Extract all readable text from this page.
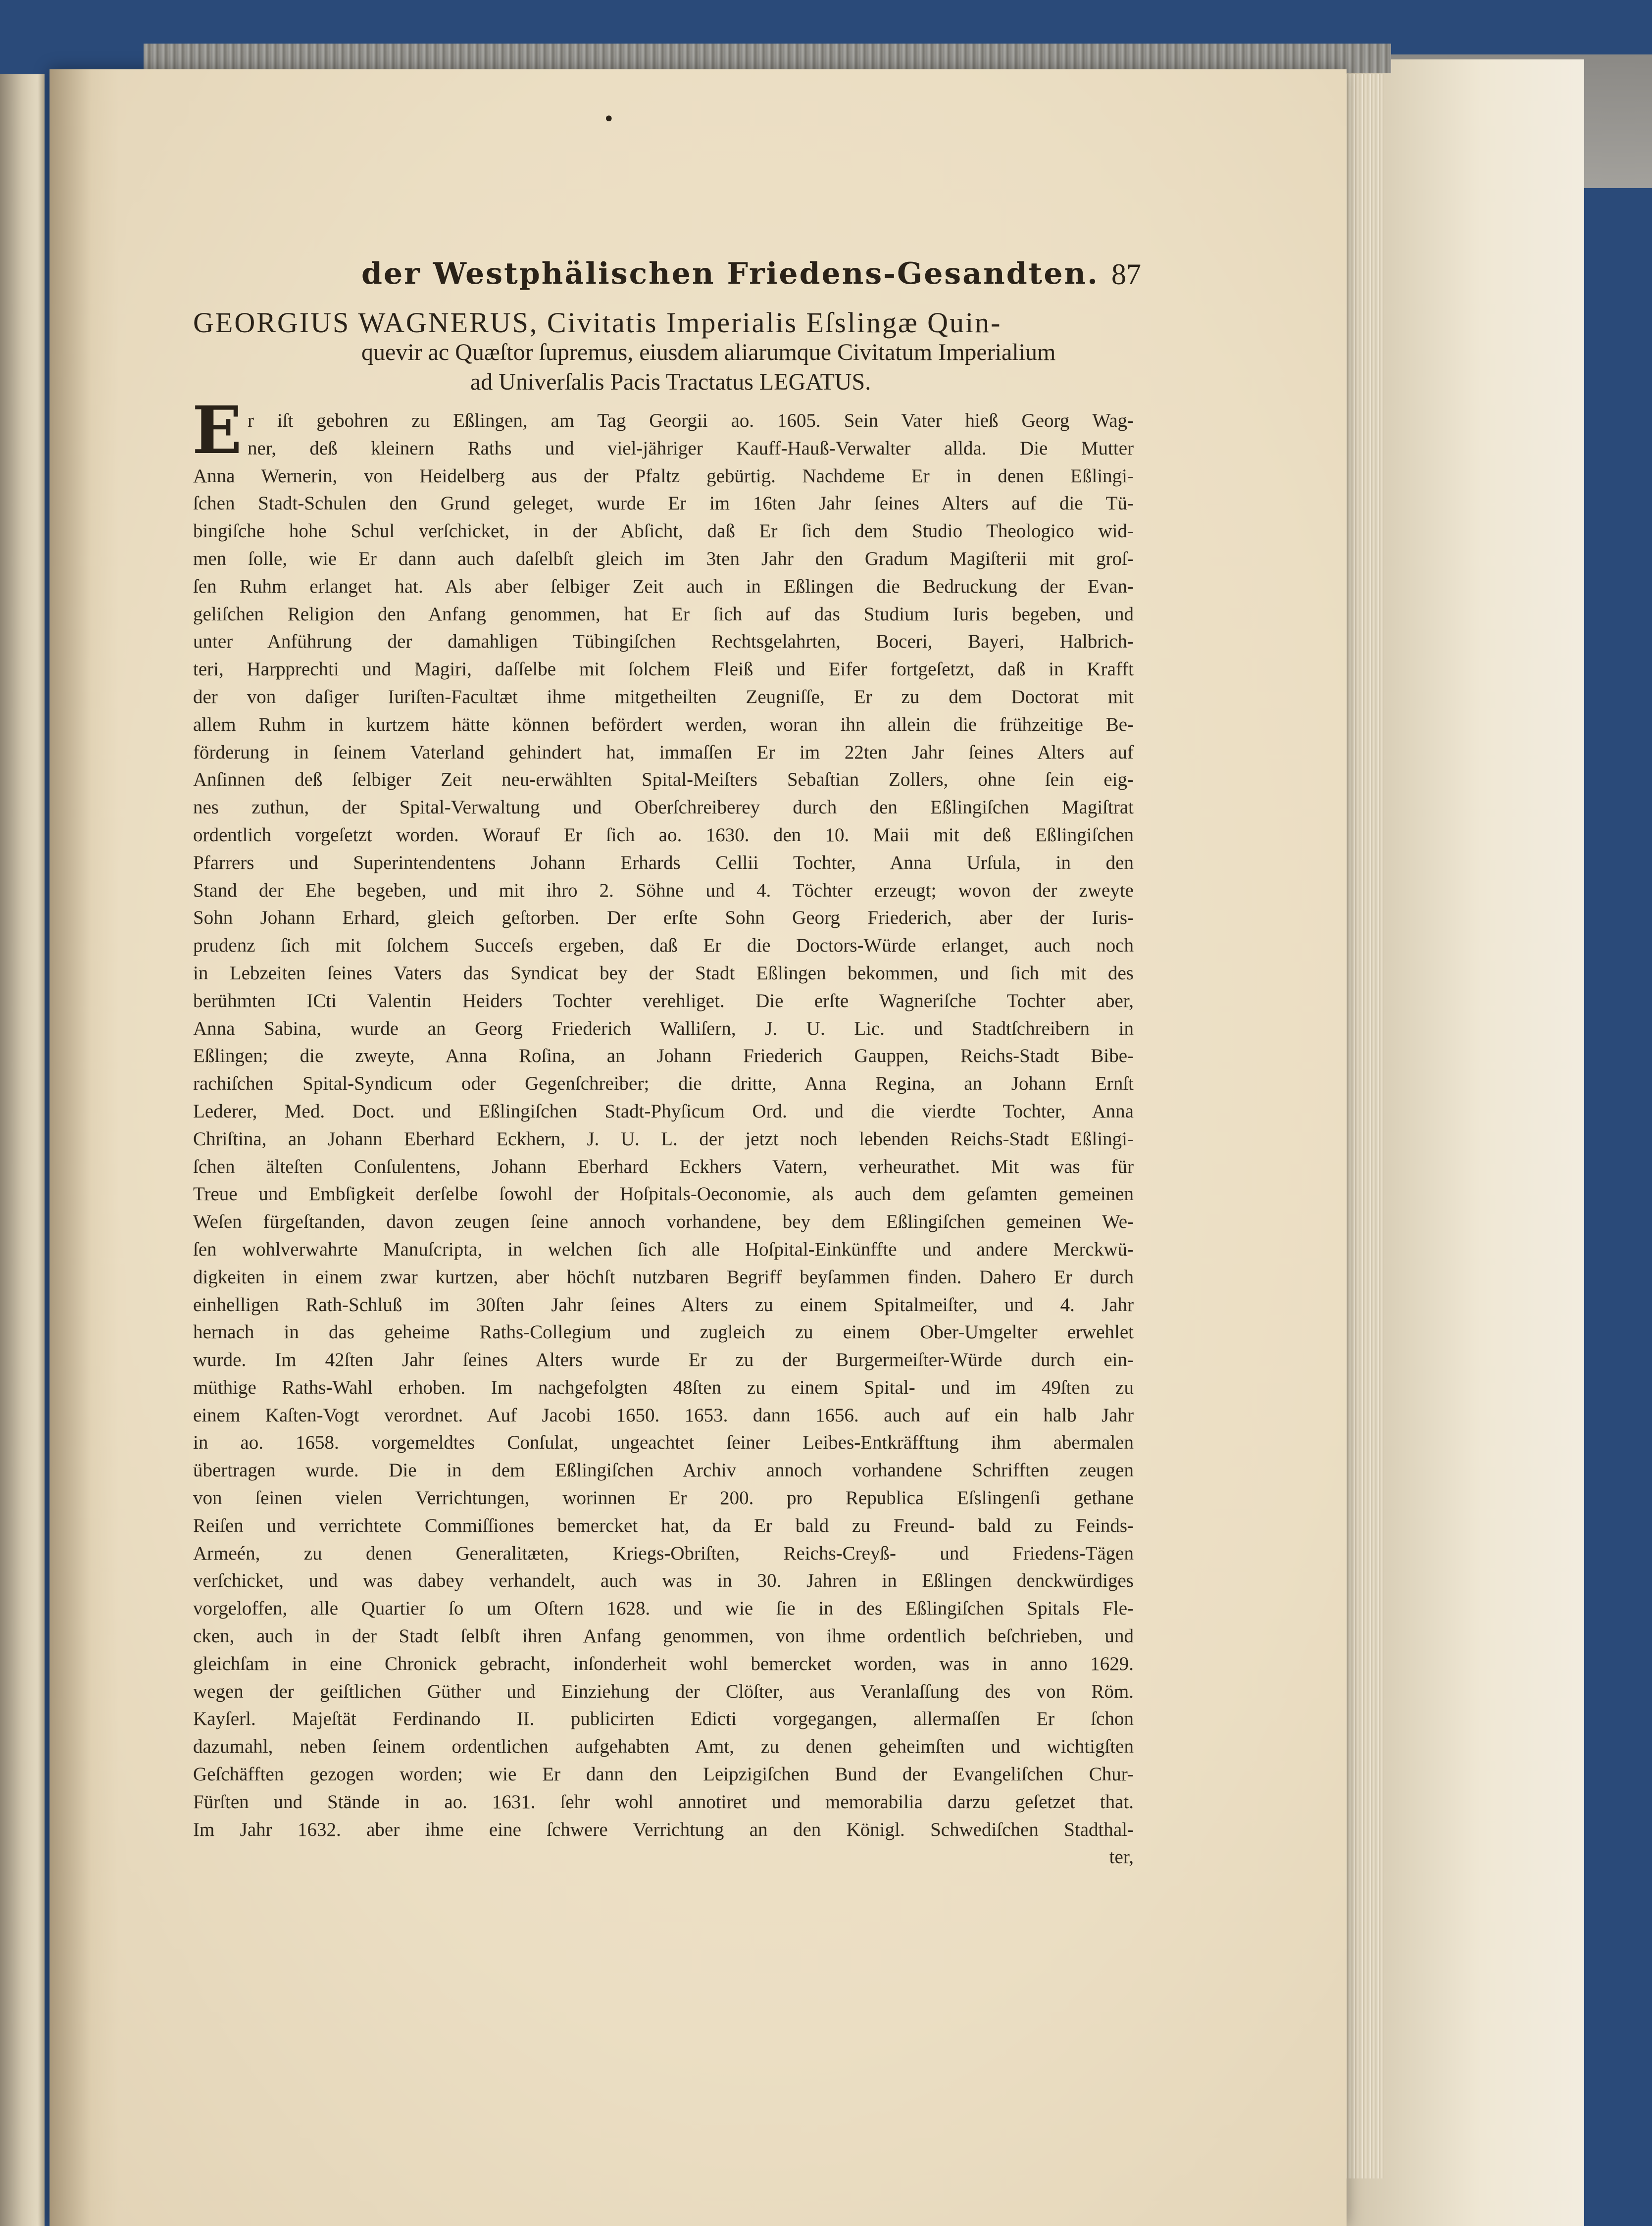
•
der Westphälischen Friedens-Gesandten. 87
GEORGIUS WAGNERUS, Civitatis Imperialis Eſslingæ Quin-
quevir ac Quæſtor ſupremus, eiusdem aliarumque Civitatum Imperialium
ad Univerſalis Pacis Tractatus LEGATUS.
E r iſt gebohren zu Eßlingen, am Tag Georgii ao. 1605. Sein Vater hieß Georg Wag-
ner, deß kleinern Raths und viel-jähriger Kauff-Hauß-Verwalter allda. Die Mutter
Anna Wernerin, von Heidelberg aus der Pfaltz gebürtig. Nachdeme Er in denen Eßlingi-
ſchen Stadt-Schulen den Grund geleget, wurde Er im 16ten Jahr ſeines Alters auf die Tü-
bingiſche hohe Schul verſchicket, in der Abſicht, daß Er ſich dem Studio Theologico wid-
men ſolle, wie Er dann auch daſelbſt gleich im 3ten Jahr den Gradum Magiſterii mit groſ-
ſen Ruhm erlanget hat. Als aber ſelbiger Zeit auch in Eßlingen die Bedruckung der Evan-
geliſchen Religion den Anfang genommen, hat Er ſich auf das Studium Iuris begeben, und
unter Anführung der damahligen Tübingiſchen Rechtsgelahrten, Boceri, Bayeri, Halbrich-
teri, Harpprechti und Magiri, daſſelbe mit ſolchem Fleiß und Eifer fortgeſetzt, daß in Krafft
der von daſiger Iuriſten-Facultæt ihme mitgetheilten Zeugniſſe, Er zu dem Doctorat mit
allem Ruhm in kurtzem hätte können befördert werden, woran ihn allein die frühzeitige Be-
förderung in ſeinem Vaterland gehindert hat, immaſſen Er im 22ten Jahr ſeines Alters auf
Anſinnen deß ſelbiger Zeit neu-erwählten Spital-Meiſters Sebaſtian Zollers, ohne ſein eig-
nes zuthun, der Spital-Verwaltung und Oberſchreiberey durch den Eßlingiſchen Magiſtrat
ordentlich vorgeſetzt worden. Worauf Er ſich ao. 1630. den 10. Maii mit deß Eßlingiſchen
Pfarrers und Superintendentens Johann Erhards Cellii Tochter, Anna Urſula, in den
Stand der Ehe begeben, und mit ihro 2. Söhne und 4. Töchter erzeugt; wovon der zweyte
Sohn Johann Erhard, gleich geſtorben. Der erſte Sohn Georg Friederich, aber der Iuris-
prudenz ſich mit ſolchem Succeſs ergeben, daß Er die Doctors-Würde erlanget, auch noch
in Lebzeiten ſeines Vaters das Syndicat bey der Stadt Eßlingen bekommen, und ſich mit des
berühmten ICti Valentin Heiders Tochter verehliget. Die erſte Wagneriſche Tochter aber,
Anna Sabina, wurde an Georg Friederich Walliſern, J. U. Lic. und Stadtſchreibern in
Eßlingen; die zweyte, Anna Roſina, an Johann Friederich Gauppen, Reichs-Stadt Bibe-
rachiſchen Spital-Syndicum oder Gegenſchreiber; die dritte, Anna Regina, an Johann Ernſt
Lederer, Med. Doct. und Eßlingiſchen Stadt-Phyſicum Ord. und die vierdte Tochter, Anna
Chriſtina, an Johann Eberhard Eckhern, J. U. L. der jetzt noch lebenden Reichs-Stadt Eßlingi-
ſchen älteſten Conſulentens, Johann Eberhard Eckhers Vatern, verheurathet. Mit was für
Treue und Embſigkeit derſelbe ſowohl der Hoſpitals-Oeconomie, als auch dem geſamten gemeinen
Weſen fürgeſtanden, davon zeugen ſeine annoch vorhandene, bey dem Eßlingiſchen gemeinen We-
ſen wohlverwahrte Manuſcripta, in welchen ſich alle Hoſpital-Einkünffte und andere Merckwü-
digkeiten in einem zwar kurtzen, aber höchſt nutzbaren Begriff beyſammen finden. Dahero Er durch
einhelligen Rath-Schluß im 30ſten Jahr ſeines Alters zu einem Spitalmeiſter, und 4. Jahr
hernach in das geheime Raths-Collegium und zugleich zu einem Ober-Umgelter erwehlet
wurde. Im 42ſten Jahr ſeines Alters wurde Er zu der Burgermeiſter-Würde durch ein-
müthige Raths-Wahl erhoben. Im nachgefolgten 48ſten zu einem Spital- und im 49ſten zu
einem Kaſten-Vogt verordnet. Auf Jacobi 1650. 1653. dann 1656. auch auf ein halb Jahr
in ao. 1658. vorgemeldtes Conſulat, ungeachtet ſeiner Leibes-Entkräfftung ihm abermalen
übertragen wurde. Die in dem Eßlingiſchen Archiv annoch vorhandene Schrifften zeugen
von ſeinen vielen Verrichtungen, worinnen Er 200. pro Republica Eſslingenſi gethane
Reiſen und verrichtete Commiſſiones bemercket hat, da Er bald zu Freund- bald zu Feinds-
Armeén, zu denen Generalitæten, Kriegs-Obriſten, Reichs-Creyß- und Friedens-Tägen
verſchicket, und was dabey verhandelt, auch was in 30. Jahren in Eßlingen denckwürdiges
vorgeloffen, alle Quartier ſo um Oſtern 1628. und wie ſie in des Eßlingiſchen Spitals Fle-
cken, auch in der Stadt ſelbſt ihren Anfang genommen, von ihme ordentlich beſchrieben, und
gleichſam in eine Chronick gebracht, inſonderheit wohl bemercket worden, was in anno 1629.
wegen der geiſtlichen Güther und Einziehung der Clöſter, aus Veranlaſſung des von Röm.
Kayſerl. Majeſtät Ferdinando II. publicirten Edicti vorgegangen, allermaſſen Er ſchon
dazumahl, neben ſeinem ordentlichen aufgehabten Amt, zu denen geheimſten und wichtigſten
Geſchäfften gezogen worden; wie Er dann den Leipzigiſchen Bund der Evangeliſchen Chur-
Fürſten und Stände in ao. 1631. ſehr wohl annotiret und memorabilia darzu geſetzet that.
Im Jahr 1632. aber ihme eine ſchwere Verrichtung an den Königl. Schwediſchen Stadthal-
ter,
